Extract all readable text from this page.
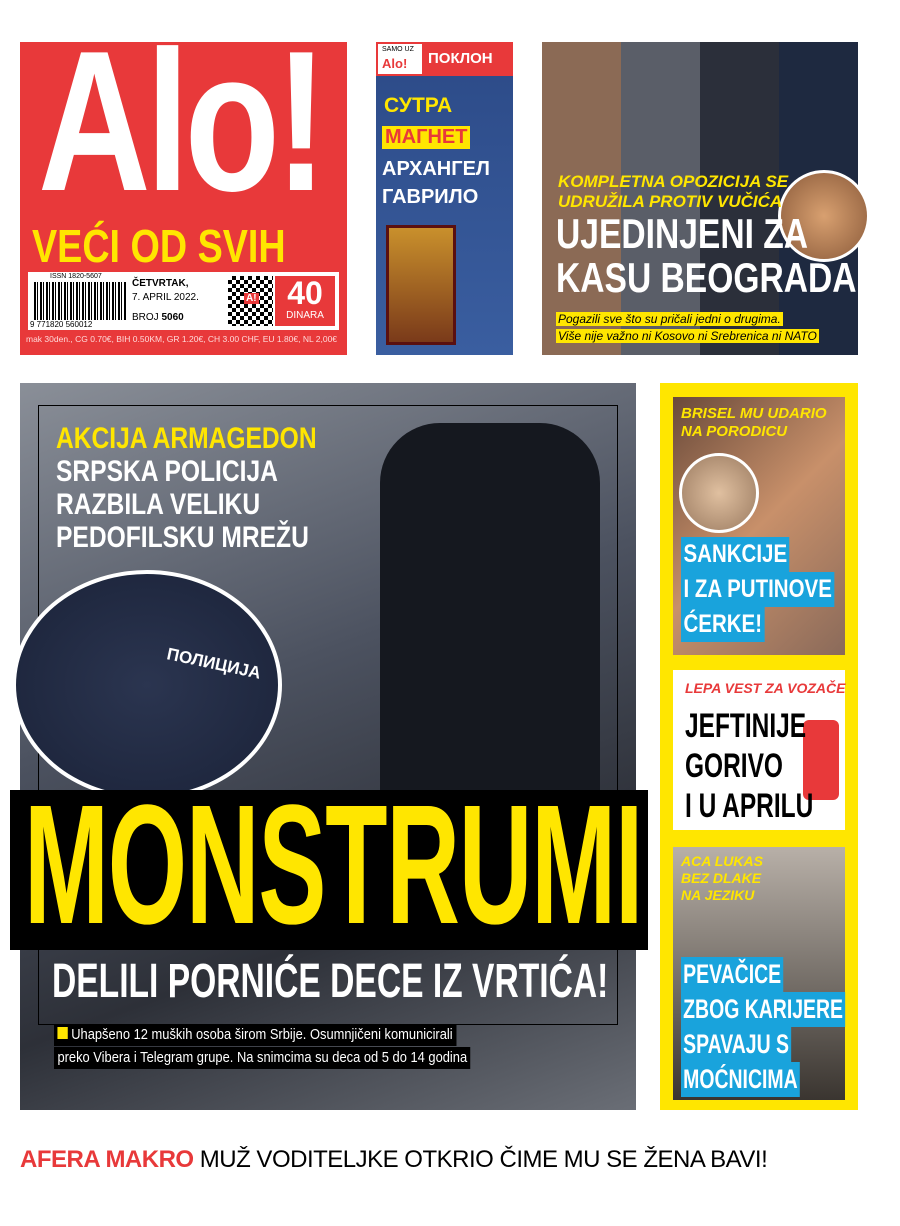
Alo!
VEĆI OD SVIH
ISSN 1820-5607
9 771820 560012
ČETVRTAK,
7. APRIL 2022.
BROJ 5060
A! 40
DINARA
mak 30den., CG 0.70€, BIH 0.50KM, GR 1.20€, CH 3.00 CHF, EU 1.80€, NL 2,00€
SAMO UZ
Alo! ПОКЛОН
СУТРА
МАГНЕТ
АРХАНГЕЛ
ГАВРИЛО
KOMPLETNA OPOZICIJA SE
UDRUŽILA PROTIV VUČIĆA
UJEDINJENI ZA
KASU BEOGRADA
Pogazili sve što su pričali jedni o drugima.
Više nije važno ni Kosovo ni Srebrenica ni NATO
AKCIJA ARMAGEDON
SRPSKA POLICIJA
RAZBILA VELIKU
PEDOFILSKU MREŽU
ПОЛИЦИЈА
MONSTRUMI
DELILI PORNIĆE DECE IZ VRTIĆA!
Uhapšeno 12 muških osoba širom Srbije. Osumnjičeni komunicirali
preko Vibera i Telegram grupe. Na snimcima su deca od 5 do 14 godina
BRISEL MU UDARIO
NA PORODICU
SANKCIJE
I ZA PUTINOVE
ĆERKE!
LEPA VEST ZA VOZAČE
JEFTINIJE
GORIVO
I U APRILU
ACA LUKAS
BEZ DLAKE
NA JEZIKU
PEVAČICE
ZBOG KARIJERE
SPAVAJU S
MOĆNICIMA
AFERA MAKRO MUŽ VODITELJKE OTKRIO ČIME MU SE ŽENA BAVI!
